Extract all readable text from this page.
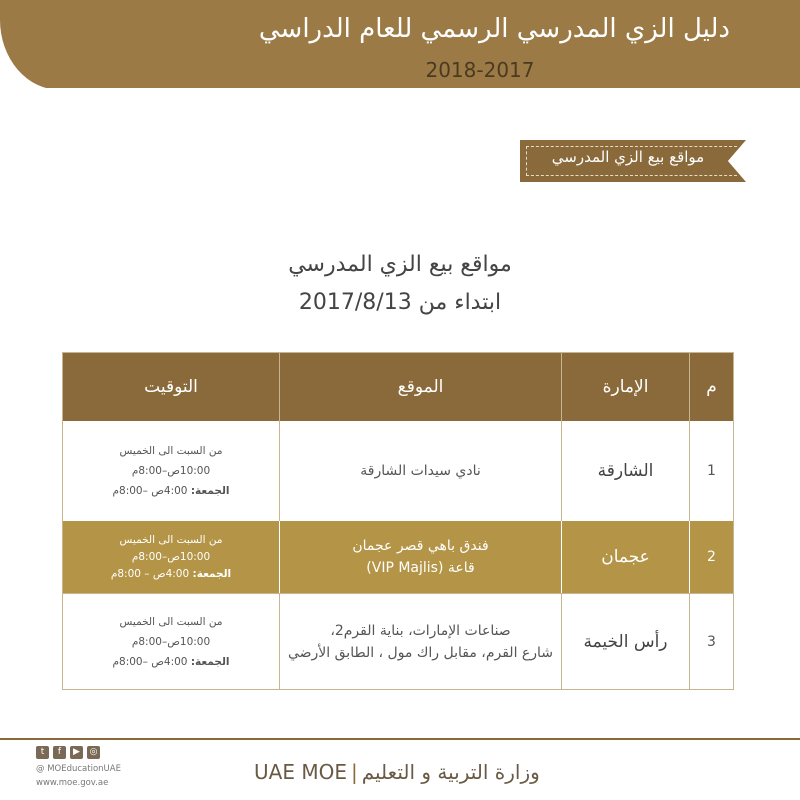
دليل الزي المدرسي الرسمي للعام الدراسي
2018-2017
مواقع بيع الزي المدرسي
مواقع بيع الزي المدرسي
ابتداء من 2017/8/13
التوقيت	الموقع	الإمارة	م
من السبت الى الخميس
10:00ص–8:00م
الجمعة: 4:00ص –8:00م
نادي سيدات الشارقة	الشارقة	1
من السبت الى الخميس
10:00ص–8:00م
الجمعة: 4:00ص – 8:00م
فندق باهي قصر عجمان
قاعة (VIP Majlis)
عجمان	2
من السبت الى الخميس
10:00ص–8:00م
الجمعة: 4:00ص –8:00م
صناعات الإمارات، بناية القرم2،
شارع القرم، مقابل راك مول ، الطابق الأرضي
رأس الخيمة	3
t	f	▶	◎
@ MOEducationUAE
www.moe.gov.ae	UAE MOE | وزارة التربية و التعليم
